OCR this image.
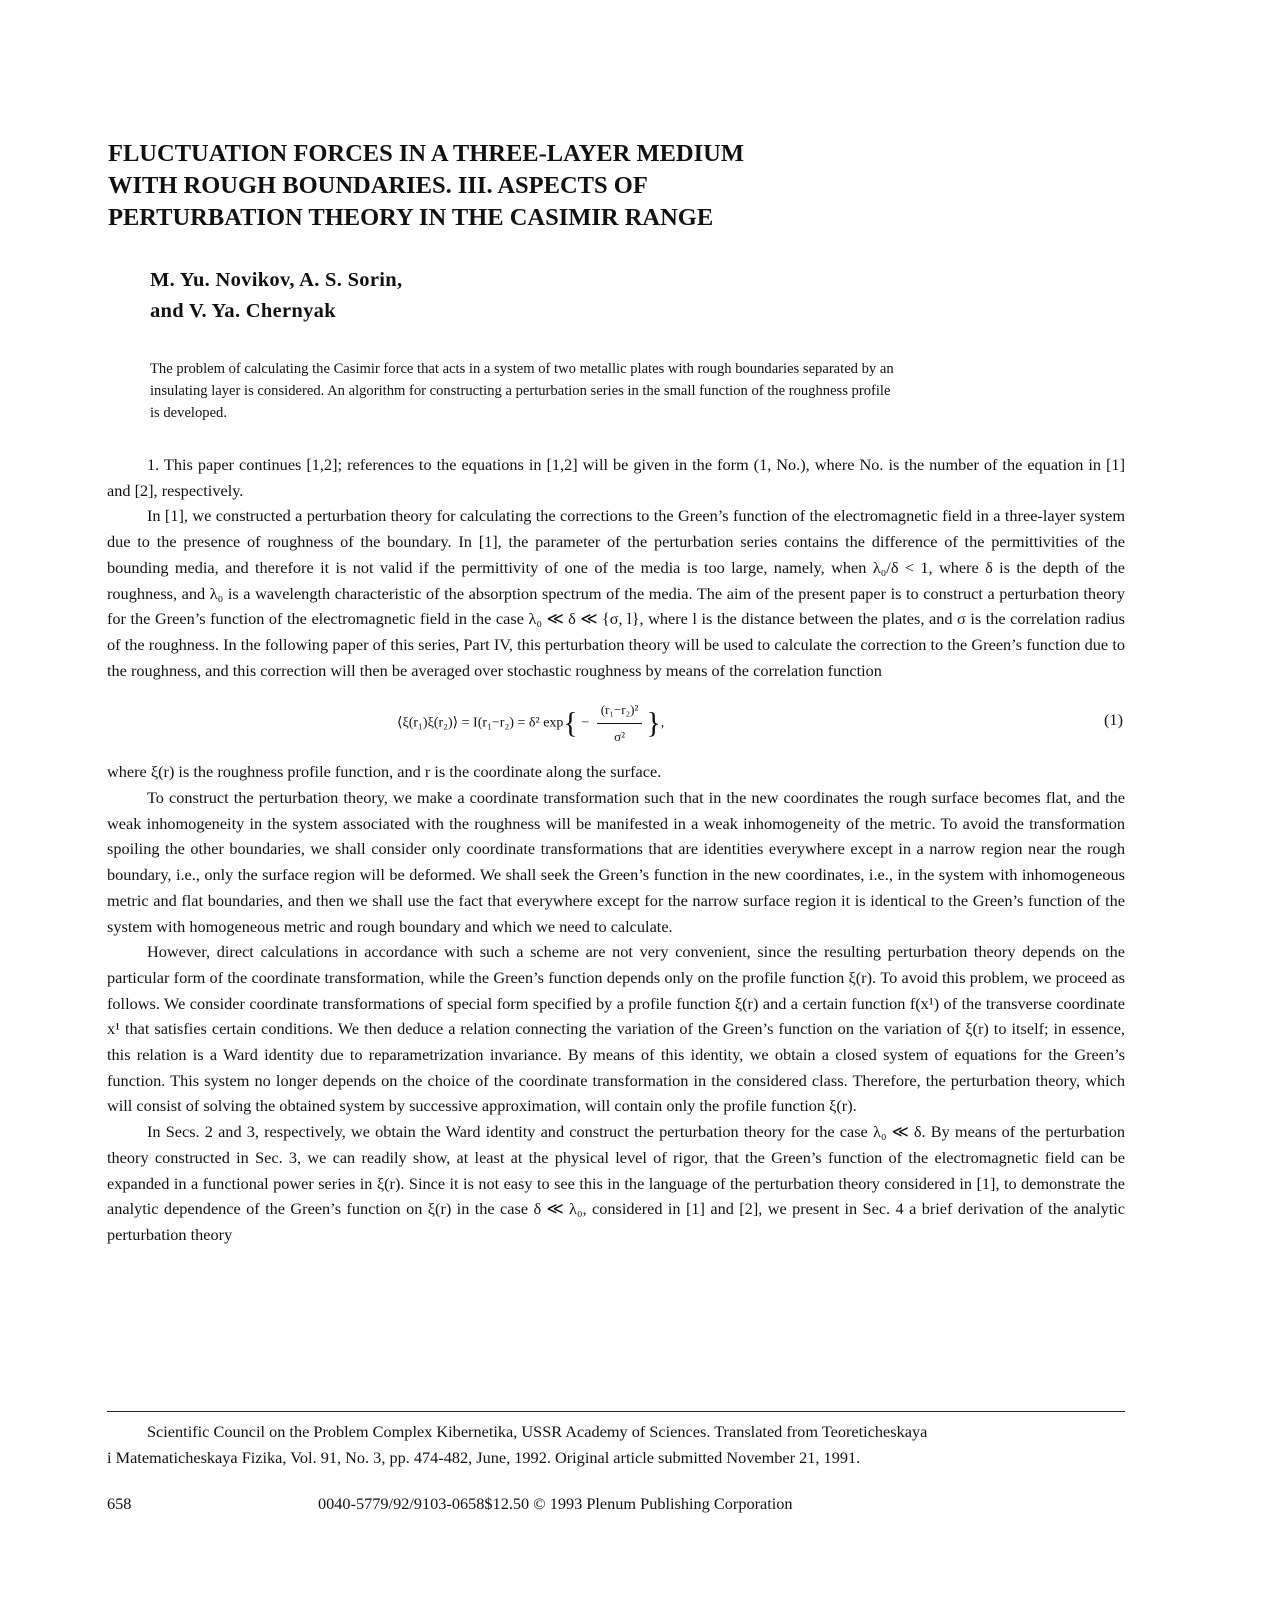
FLUCTUATION FORCES IN A THREE-LAYER MEDIUM
WITH ROUGH BOUNDARIES. III. ASPECTS OF
PERTURBATION THEORY IN THE CASIMIR RANGE
M. Yu. Novikov, A. S. Sorin,
and V. Ya. Chernyak
The problem of calculating the Casimir force that acts in a system of two metallic plates with rough boundaries separated by an
insulating layer is considered. An algorithm for constructing a perturbation series in the small function of the roughness profile
is developed.

1. This paper continues [1,2]; references to the equations in [1,2] will be given in the form (1, No.), where No. is the number of the equation in [1] and [2], respectively.

In [1], we constructed a perturbation theory for calculating the corrections to the Green’s function of the electromagnetic field in a three-layer system due to the presence of roughness of the boundary. In [1], the parameter of the perturbation series contains the difference of the permittivities of the bounding media, and therefore it is not valid if the permittivity of one of the media is too large, namely, when λ₀/δ < 1, where δ is the depth of the roughness, and λ₀ is a wavelength characteristic of the absorption spectrum of the media. The aim of the present paper is to construct a perturbation theory for the Green’s function of the electromagnetic field in the case λ₀ ≪ δ ≪ {σ, l}, where l is the distance between the plates, and σ is the correlation radius of the roughness. In the following paper of this series, Part IV, this perturbation theory will be used to calculate the correction to the Green’s function due to the roughness, and this correction will then be averaged over stochastic roughness by means of the correlation function

⟨ξ(r₁)ξ(r₂)⟩ = I(r₁−r₂) = δ² $\exp\{ - \frac{\text{(r₁−r₂)²}}{\text{σ²}}$ },	(1)

where ξ(r) is the roughness profile function, and r is the coordinate along the surface.

To construct the perturbation theory, we make a coordinate transformation such that in the new coordinates the rough surface becomes flat, and the weak inhomogeneity in the system associated with the roughness will be manifested in a weak inhomogeneity of the metric. To avoid the transformation spoiling the other boundaries, we shall consider only coordinate transformations that are identities everywhere except in a narrow region near the rough boundary, i.e., only the surface region will be deformed. We shall seek the Green’s function in the new coordinates, i.e., in the system with inhomogeneous metric and flat boundaries, and then we shall use the fact that everywhere except for the narrow surface region it is identical to the Green’s function of the system with homogeneous metric and rough boundary and which we need to calculate.

However, direct calculations in accordance with such a scheme are not very convenient, since the resulting perturbation theory depends on the particular form of the coordinate transformation, while the Green’s function depends only on the profile function ξ(r). To avoid this problem, we proceed as follows. We consider coordinate transformations of special form specified by a profile function ξ(r) and a certain function f(x¹) of the transverse coordinate x¹ that satisfies certain conditions. We then deduce a relation connecting the variation of the Green’s function on the variation of ξ(r) to itself; in essence, this relation is a Ward identity due to reparametrization invariance. By means of this identity, we obtain a closed system of equations for the Green’s function. This system no longer depends on the choice of the coordinate transformation in the considered class. Therefore, the perturbation theory, which will consist of solving the obtained system by successive approximation, will contain only the profile function ξ(r).

In Secs. 2 and 3, respectively, we obtain the Ward identity and construct the perturbation theory for the case λ₀ ≪ δ. By means of the perturbation theory constructed in Sec. 3, we can readily show, at least at the physical level of rigor, that the Green’s function of the electromagnetic field can be expanded in a functional power series in ξ(r). Since it is not easy to see this in the language of the perturbation theory considered in [1], to demonstrate the analytic dependence of the Green’s function on ξ(r) in the case δ ≪ λ₀, considered in [1] and [2], we present in Sec. 4 a brief derivation of the analytic perturbation theory

Scientific Council on the Problem Complex Kibernetika, USSR Academy of Sciences. Translated from Teoreticheskaya
i Matematicheskaya Fizika, Vol. 91, No. 3, pp. 474-482, June, 1992. Original article submitted November 21, 1991.
658	0040-5779/92/9103-0658$12.50 © 1993 Plenum Publishing Corporation
